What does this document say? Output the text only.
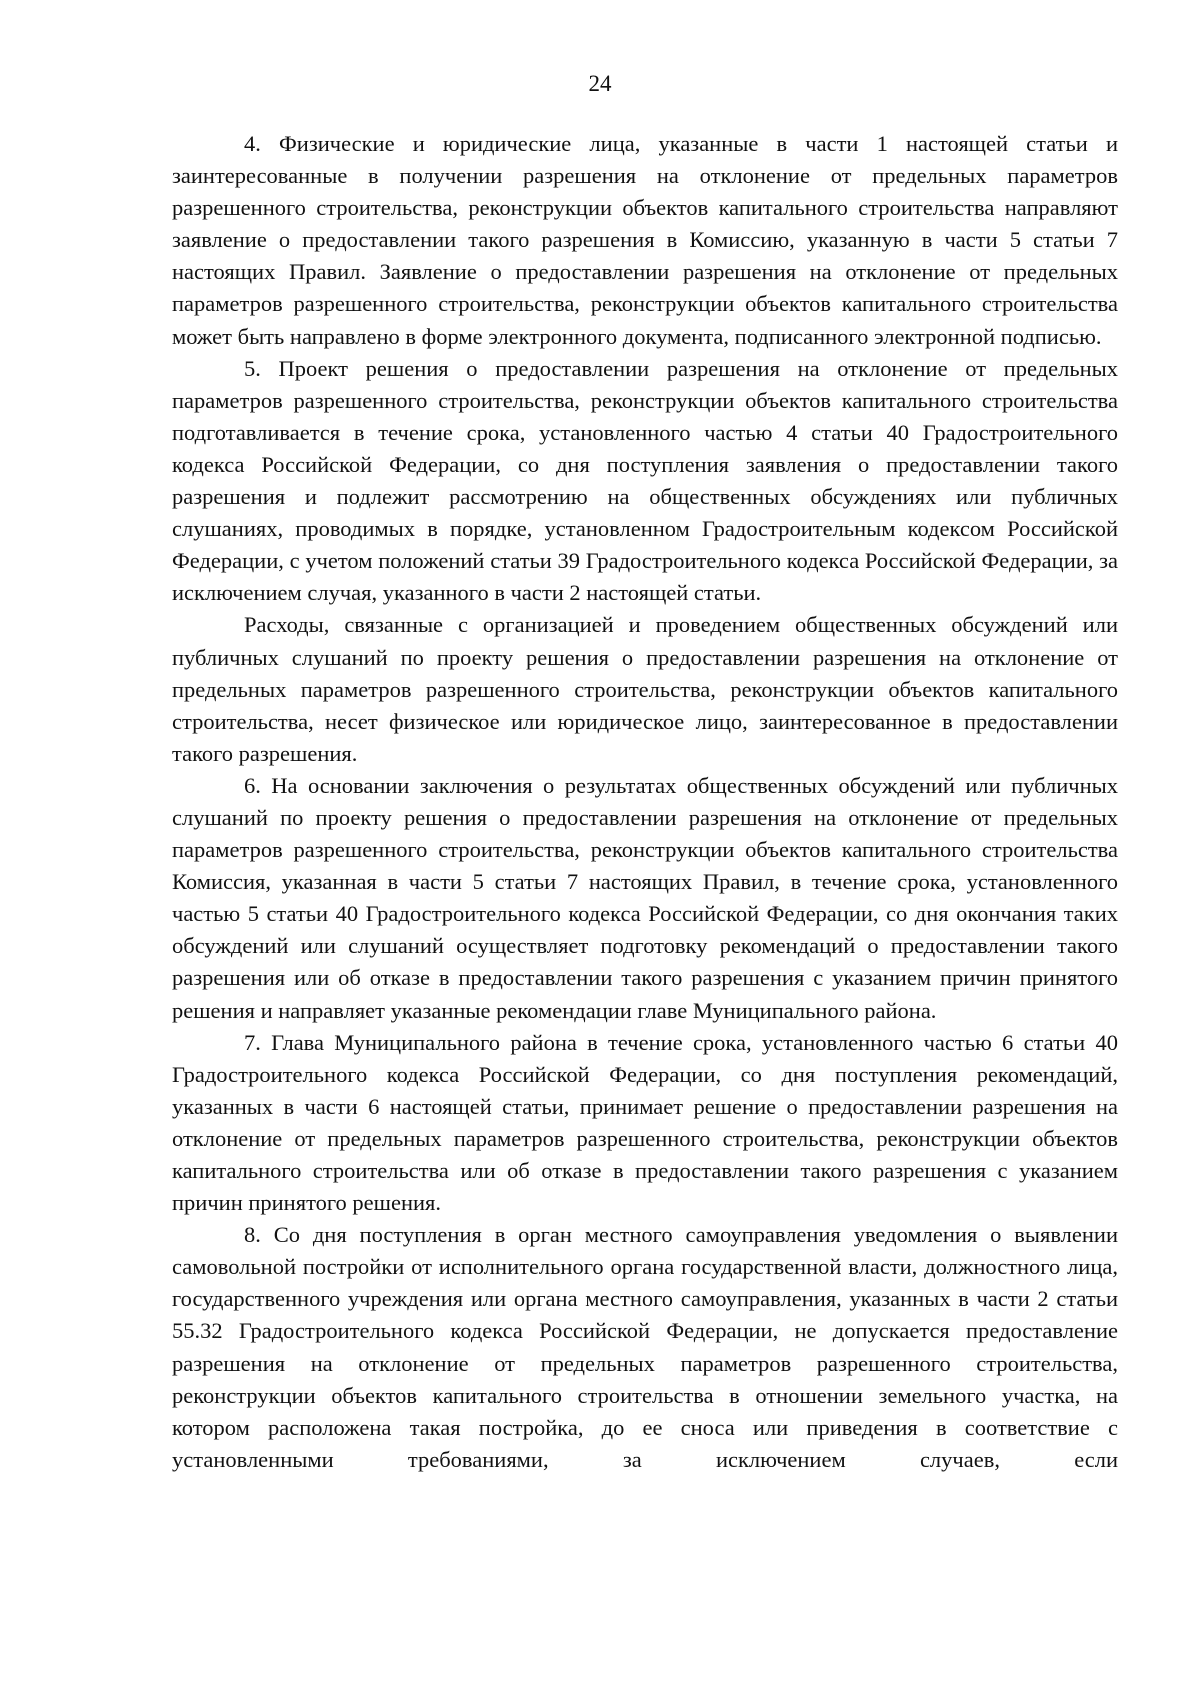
24

4. Физические и юридические лица, указанные в части 1 настоящей статьи и заинтересованные в получении разрешения на отклонение от предельных параметров разрешенного строительства, реконструкции объектов капитального строительства направляют заявление о предоставлении такого разрешения в Комиссию, указанную в части 5 статьи 7 настоящих Правил. Заявление о предоставлении разрешения на отклонение от предельных параметров разрешенного строительства, реконструкции объектов капитального строительства может быть направлено в форме электронного документа, подписанного электронной подписью.

5. Проект решения о предоставлении разрешения на отклонение от предельных параметров разрешенного строительства, реконструкции объектов капитального строительства подготавливается в течение срока, установленного частью 4 статьи 40 Градостроительного кодекса Российской Федерации, со дня поступления заявления о предоставлении такого разрешения и подлежит рассмотрению на общественных обсуждениях или публичных слушаниях, проводимых в порядке, установленном Градостроительным кодексом Российской Федерации, с учетом положений статьи 39 Градостроительного кодекса Российской Федерации, за исключением случая, указанного в части 2 настоящей статьи.

Расходы, связанные с организацией и проведением общественных обсуждений или публичных слушаний по проекту решения о предоставлении разрешения на отклонение от предельных параметров разрешенного строительства, реконструкции объектов капитального строительства, несет физическое или юридическое лицо, заинтересованное в предоставлении такого разрешения.

6. На основании заключения о результатах общественных обсуждений или публичных слушаний по проекту решения о предоставлении разрешения на отклонение от предельных параметров разрешенного строительства, реконструкции объектов капитального строительства Комиссия, указанная в части 5 статьи 7 настоящих Правил, в течение срока, установленного частью 5 статьи 40 Градостроительного кодекса Российской Федерации, со дня окончания таких обсуждений или слушаний осуществляет подготовку рекомендаций о предоставлении такого разрешения или об отказе в предоставлении такого разрешения с указанием причин принятого решения и направляет указанные рекомендации главе Муниципального района.

7. Глава Муниципального района в течение срока, установленного частью 6 статьи 40 Градостроительного кодекса Российской Федерации, со дня поступления рекомендаций, указанных в части 6 настоящей статьи, принимает решение о предоставлении разрешения на отклонение от предельных параметров разрешенного строительства, реконструкции объектов капитального строительства или об отказе в предоставлении такого разрешения с указанием причин принятого решения.

8. Со дня поступления в орган местного самоуправления уведомления о выявлении самовольной постройки от исполнительного органа государственной власти, должностного лица, государственного учреждения или органа местного самоуправления, указанных в части 2 статьи 55.32 Градостроительного кодекса Российской Федерации, не допускается предоставление разрешения на отклонение от предельных параметров разрешенного строительства, реконструкции объектов капитального строительства в отношении земельного участка, на котором расположена такая постройка, до ее сноса или приведения в соответствие с установленными требованиями, за исключением случаев, если
